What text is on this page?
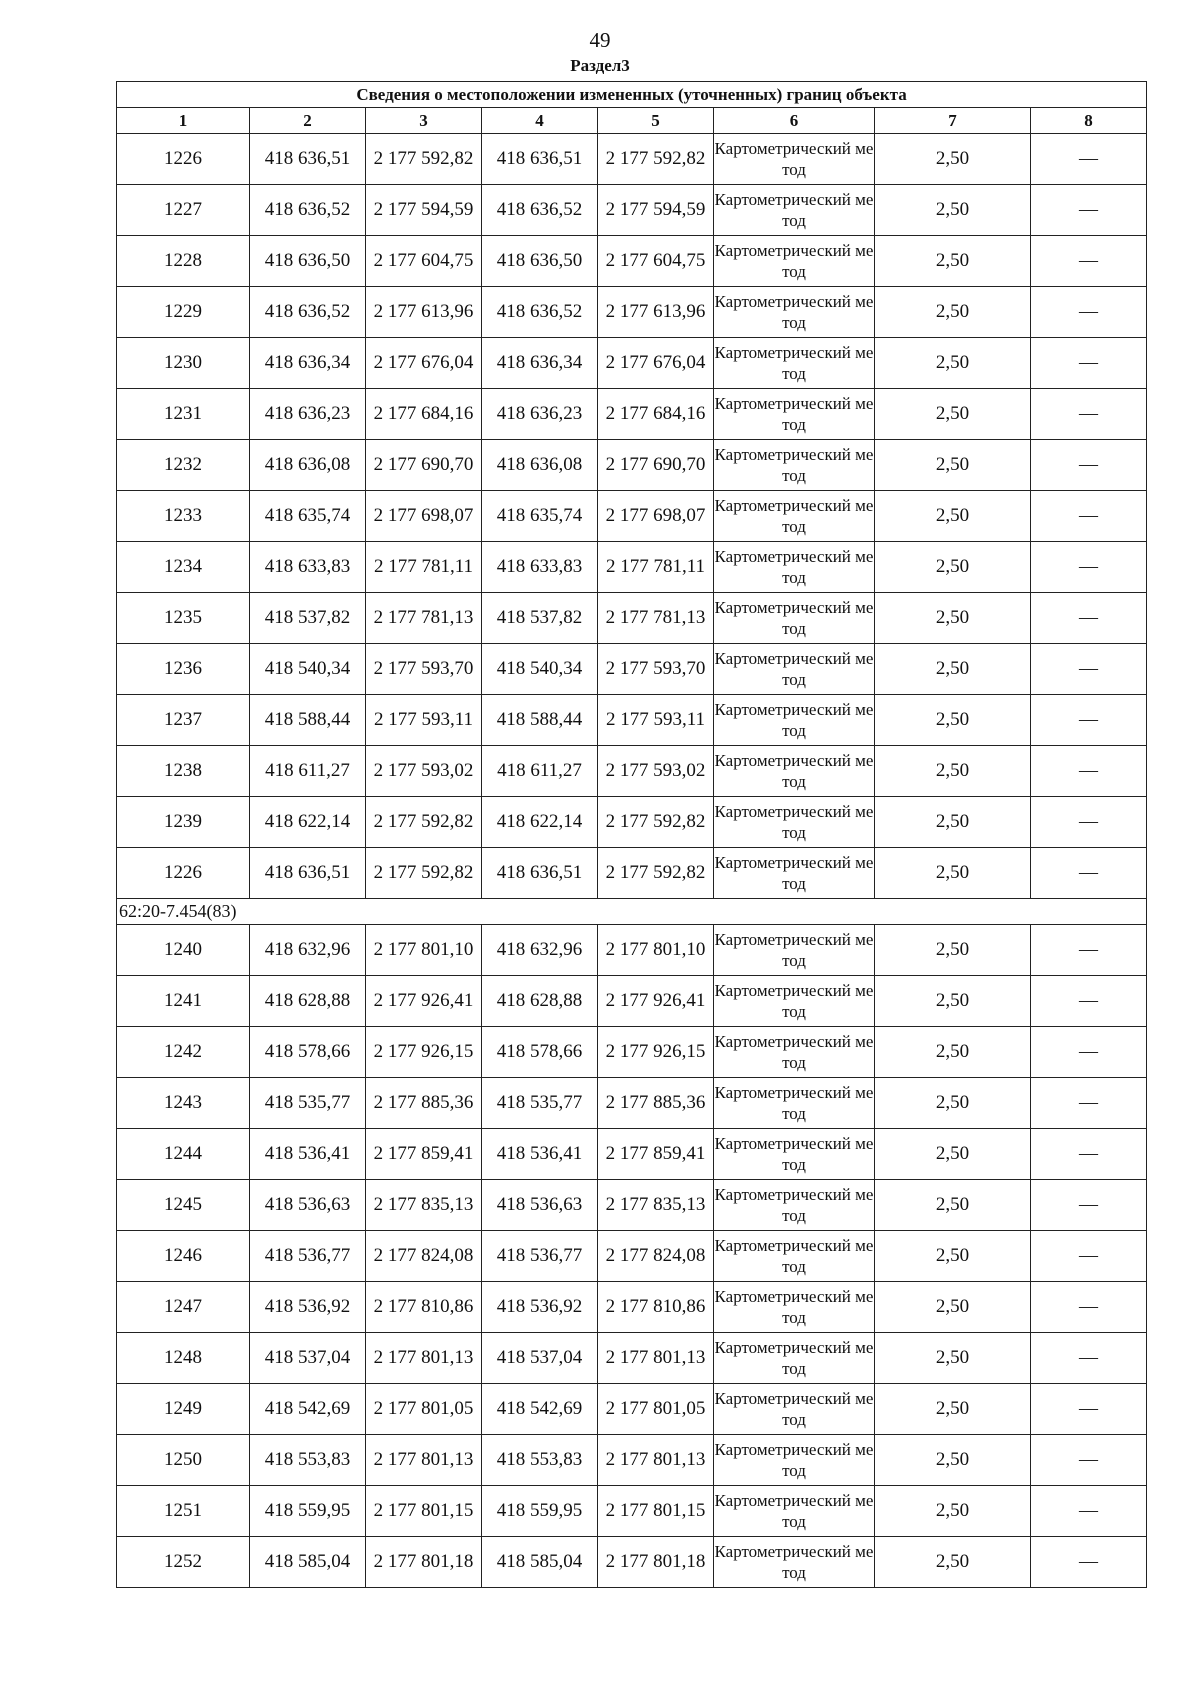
49
Раздел3
Сведения о местоположении измененных (уточненных) границ объекта							
1	2	3	4	5	6	7	8
1226	418 636,51	2 177 592,82	418 636,51	2 177 592,82	Картометрический метод	2,50	—
1227	418 636,52	2 177 594,59	418 636,52	2 177 594,59	Картометрический метод	2,50	—
1228	418 636,50	2 177 604,75	418 636,50	2 177 604,75	Картометрический метод	2,50	—
1229	418 636,52	2 177 613,96	418 636,52	2 177 613,96	Картометрический метод	2,50	—
1230	418 636,34	2 177 676,04	418 636,34	2 177 676,04	Картометрический метод	2,50	—
1231	418 636,23	2 177 684,16	418 636,23	2 177 684,16	Картометрический метод	2,50	—
1232	418 636,08	2 177 690,70	418 636,08	2 177 690,70	Картометрический метод	2,50	—
1233	418 635,74	2 177 698,07	418 635,74	2 177 698,07	Картометрический метод	2,50	—
1234	418 633,83	2 177 781,11	418 633,83	2 177 781,11	Картометрический метод	2,50	—
1235	418 537,82	2 177 781,13	418 537,82	2 177 781,13	Картометрический метод	2,50	—
1236	418 540,34	2 177 593,70	418 540,34	2 177 593,70	Картометрический метод	2,50	—
1237	418 588,44	2 177 593,11	418 588,44	2 177 593,11	Картометрический метод	2,50	—
1238	418 611,27	2 177 593,02	418 611,27	2 177 593,02	Картометрический метод	2,50	—
1239	418 622,14	2 177 592,82	418 622,14	2 177 592,82	Картометрический метод	2,50	—
1226	418 636,51	2 177 592,82	418 636,51	2 177 592,82	Картометрический метод	2,50	—
62:20-7.454(83)							
1240	418 632,96	2 177 801,10	418 632,96	2 177 801,10	Картометрический метод	2,50	—
1241	418 628,88	2 177 926,41	418 628,88	2 177 926,41	Картометрический метод	2,50	—
1242	418 578,66	2 177 926,15	418 578,66	2 177 926,15	Картометрический метод	2,50	—
1243	418 535,77	2 177 885,36	418 535,77	2 177 885,36	Картометрический метод	2,50	—
1244	418 536,41	2 177 859,41	418 536,41	2 177 859,41	Картометрический метод	2,50	—
1245	418 536,63	2 177 835,13	418 536,63	2 177 835,13	Картометрический метод	2,50	—
1246	418 536,77	2 177 824,08	418 536,77	2 177 824,08	Картометрический метод	2,50	—
1247	418 536,92	2 177 810,86	418 536,92	2 177 810,86	Картометрический метод	2,50	—
1248	418 537,04	2 177 801,13	418 537,04	2 177 801,13	Картометрический метод	2,50	—
1249	418 542,69	2 177 801,05	418 542,69	2 177 801,05	Картометрический метод	2,50	—
1250	418 553,83	2 177 801,13	418 553,83	2 177 801,13	Картометрический метод	2,50	—
1251	418 559,95	2 177 801,15	418 559,95	2 177 801,15	Картометрический метод	2,50	—
1252	418 585,04	2 177 801,18	418 585,04	2 177 801,18	Картометрический метод	2,50	—
